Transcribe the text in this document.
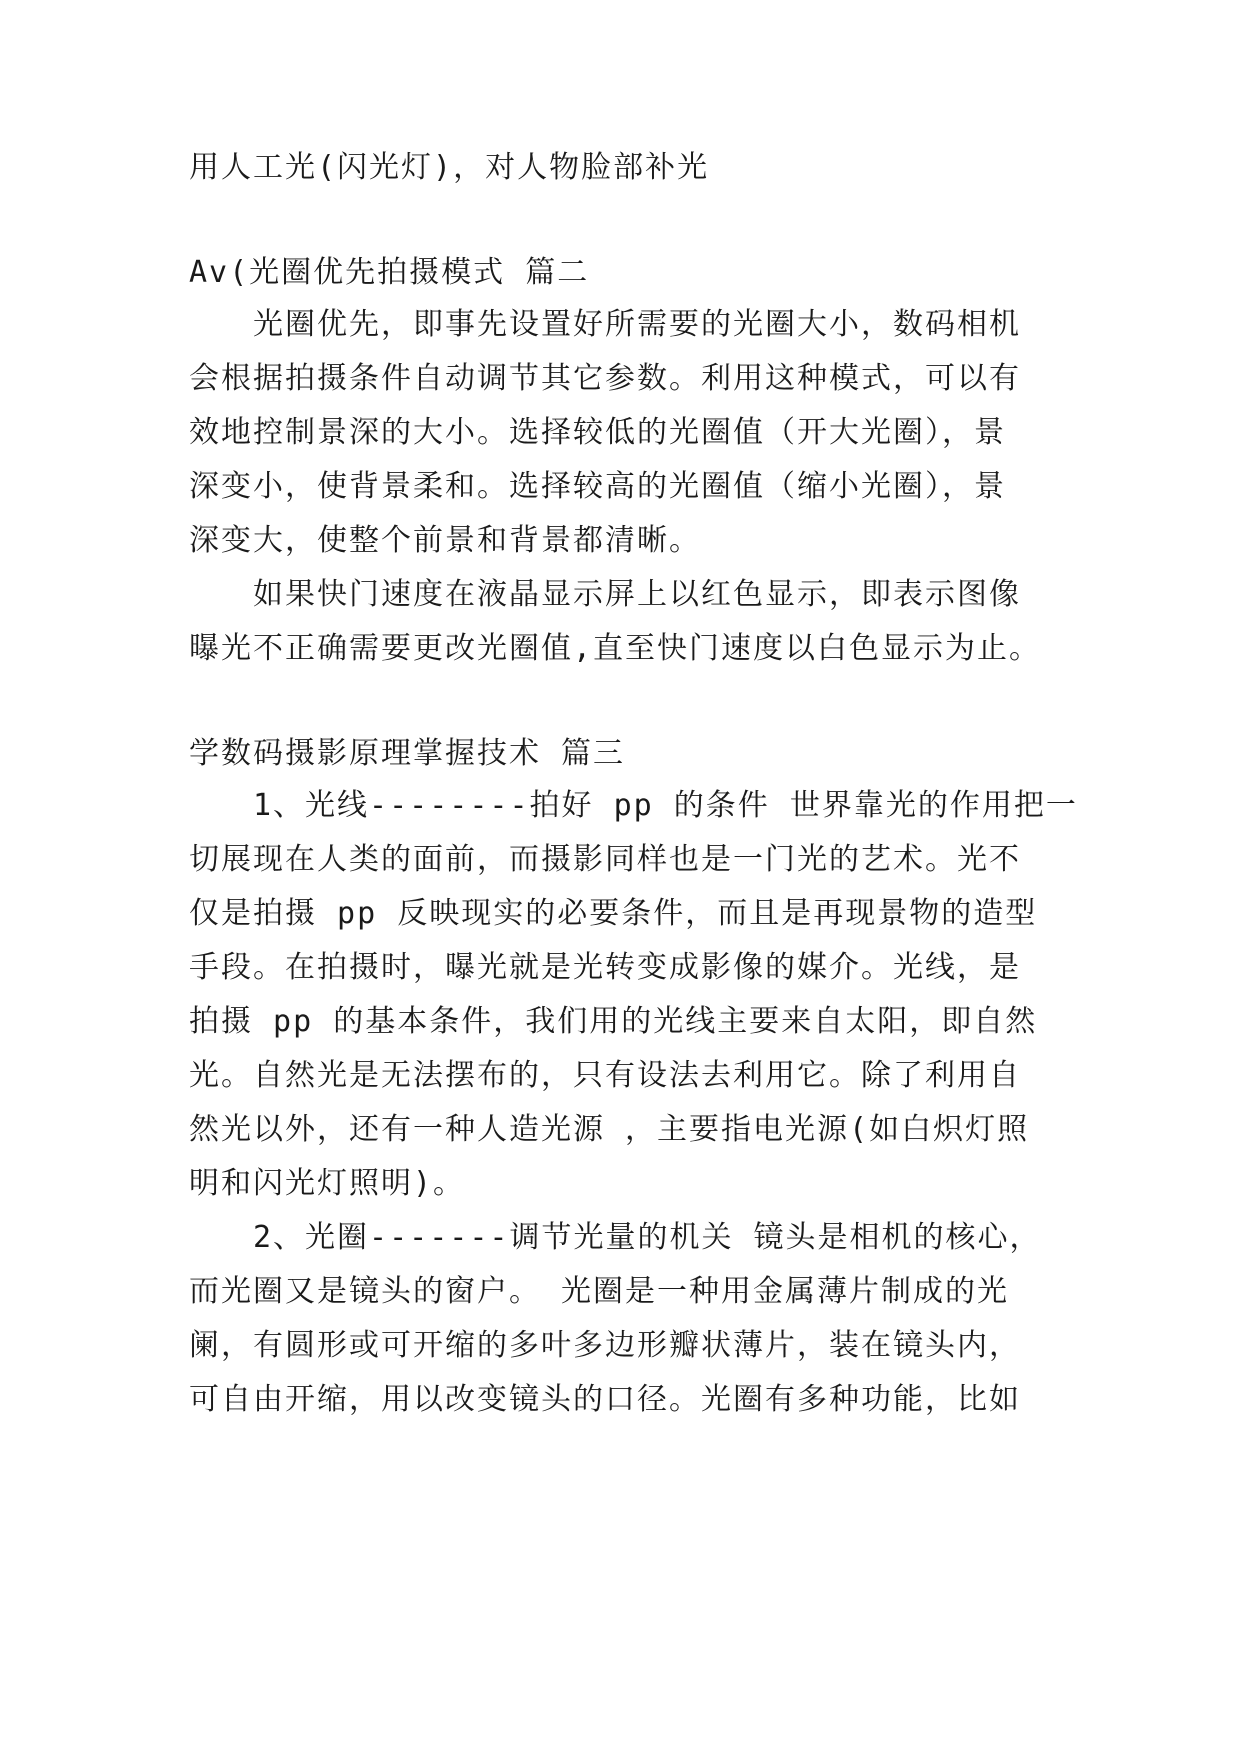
用人工光(闪光灯)，对人物脸部补光
Av(光圈优先拍摄模式 篇二
光圈优先，即事先设置好所需要的光圈大小，数码相机
会根据拍摄条件自动调节其它参数。利用这种模式，可以有
效地控制景深的大小。选择较低的光圈值（开大光圈），景
深变小，使背景柔和。选择较高的光圈值（缩小光圈），景
深变大，使整个前景和背景都清晰。
如果快门速度在液晶显示屏上以红色显示，即表示图像
曝光不正确需要更改光圈值,直至快门速度以白色显示为止。
学数码摄影原理掌握技术 篇三
1、光线--------拍好 pp 的条件 世界靠光的作用把一
切展现在人类的面前，而摄影同样也是一门光的艺术。光不
仅是拍摄 pp 反映现实的必要条件，而且是再现景物的造型
手段。在拍摄时，曝光就是光转变成影像的媒介。光线，是
拍摄 pp 的基本条件，我们用的光线主要来自太阳，即自然
光。自然光是无法摆布的，只有设法去利用它。除了利用自
然光以外，还有一种人造光源 ，主要指电光源(如白炽灯照
明和闪光灯照明)。
2、光圈-------调节光量的机关 镜头是相机的核心，
而光圈又是镜头的窗户。 光圈是一种用金属薄片制成的光
阑，有圆形或可开缩的多叶多边形瓣状薄片，装在镜头内，
可自由开缩，用以改变镜头的口径。光圈有多种功能，比如
